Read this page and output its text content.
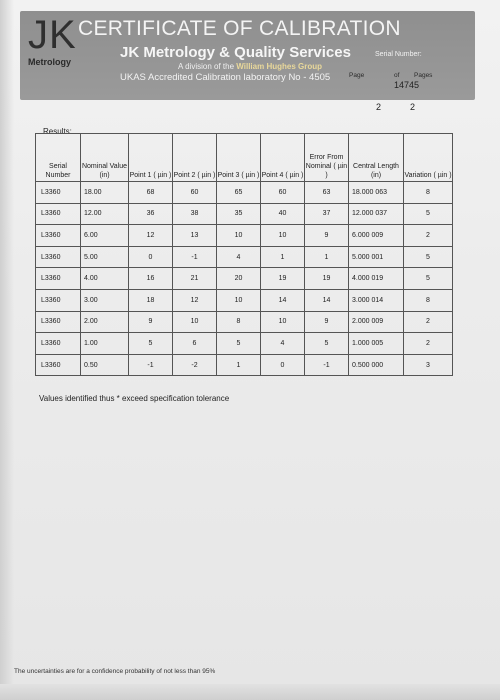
JK
Metrology
CERTIFICATE OF CALIBRATION
JK Metrology & Quality Services
A division of the William Hughes Group
UKAS Accredited Calibration laboratory No - 4505
Serial Number:
Page	of Pages
14745
2	2
Results:
Serial Number	Nominal Value (in)	Point 1 ( µin )	Point 2 ( µin )	Point 3 ( µin )	Point 4 ( µin )	Error From Nominal ( µin )	Central Length (in)	Variation ( µin )
L3360	18.00	68	60	65	60	63	18.000 063	8
L3360	12.00	36	38	35	40	37	12.000 037	5
L3360	6.00	12	13	10	10	9	6.000 009	2
L3360	5.00	0	-1	4	1	1	5.000 001	5
L3360	4.00	16	21	20	19	19	4.000 019	5
L3360	3.00	18	12	10	14	14	3.000 014	8
L3360	2.00	9	10	8	10	9	2.000 009	2
L3360	1.00	5	6	5	4	5	1.000 005	2
L3360	0.50	-1	-2	1	0	-1	0.500 000	3
Values identified thus * exceed specification tolerance
The uncertainties are for a confidence probability of not less than 95%
